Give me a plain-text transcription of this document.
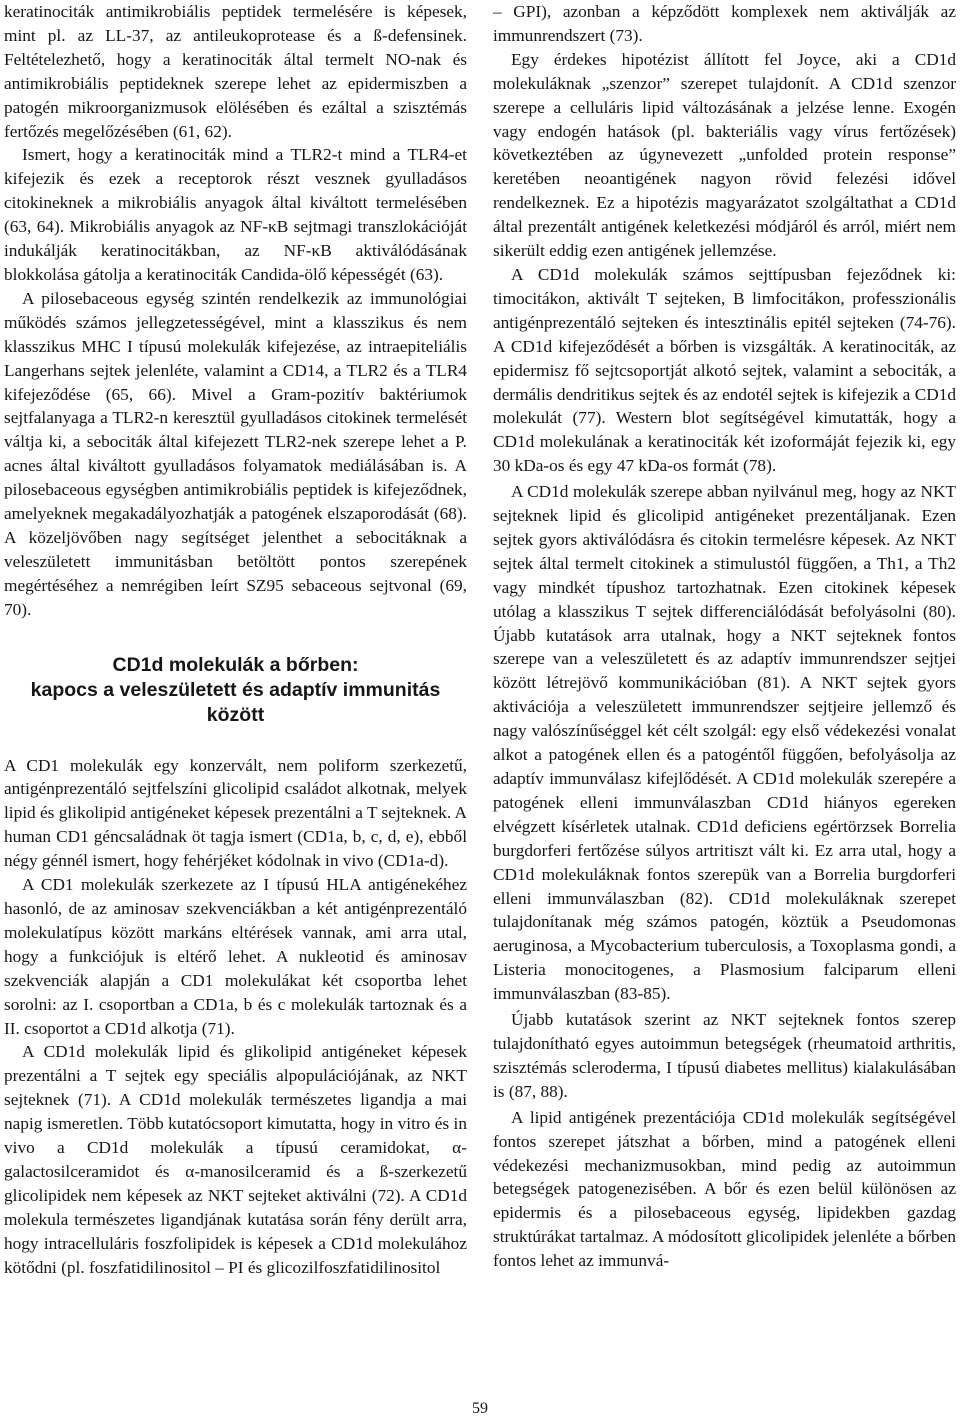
keratinociták antimikrobiális peptidek termelésére is képesek, mint pl. az LL-37, az antileukoprotease és a ß-defensinek. Feltételezhető, hogy a keratinociták által termelt NO-nak és antimikrobiális peptideknek szerepe lehet az epidermiszben a patogén mikroorganizmusok elölésében és ezáltal a szisztémás fertőzés megelőzésében (61, 62).

Ismert, hogy a keratinociták mind a TLR2-t mind a TLR4-et kifejezik és ezek a receptorok részt vesznek gyulladásos citokineknek a mikrobiális anyagok által kiváltott termelésében (63, 64). Mikrobiális anyagok az NF-κB sejtmagi transzlokációját indukálják keratinocitákban, az NF-κB aktiválódásának blokkolása gátolja a keratinociták Candida-ölő képességét (63).

A pilosebaceous egység szintén rendelkezik az immunológiai működés számos jellegzetességével, mint a klasszikus és nem klasszikus MHC I típusú molekulák kifejezése, az intraepiteliális Langerhans sejtek jelenléte, valamint a CD14, a TLR2 és a TLR4 kifejeződése (65, 66). Mivel a Gram-pozitív baktériumok sejtfalanyaga a TLR2-n keresztül gyulladásos citokinek termelését váltja ki, a sebociták által kifejezett TLR2-nek szerepe lehet a P. acnes által kiváltott gyulladásos folyamatok mediálásában is. A pilosebaceous egységben antimikrobiális peptidek is kifejeződnek, amelyeknek megakadályozhatják a patogének elszaporodását (68). A közeljövőben nagy segítséget jelenthet a sebocitáknak a veleszületett immunitásban betöltött pontos szerepének megértéséhez a nemrégiben leírt SZ95 sebaceous sejtvonal (69, 70).

CD1d molekulák a bőrben:
kapocs a veleszületett és adaptív immunitás
között

A CD1 molekulák egy konzervált, nem poliform szerkezetű, antigénprezentáló sejtfelszíni glicolipid családot alkotnak, melyek lipid és glikolipid antigéneket képesek prezentálni a T sejteknek. A human CD1 géncsaládnak öt tagja ismert (CD1a, b, c, d, e), ebből négy génnél ismert, hogy fehérjéket kódolnak in vivo (CD1a-d).

A CD1 molekulák szerkezete az I típusú HLA antigénekéhez hasonló, de az aminosav szekvenciákban a két antigénprezentáló molekulatípus között markáns eltérések vannak, ami arra utal, hogy a funkciójuk is eltérő lehet. A nukleotid és aminosav szekvenciák alapján a CD1 molekulákat két csoportba lehet sorolni: az I. csoportban a CD1a, b és c molekulák tartoznak és a II. csoportot a CD1d alkotja (71).

A CD1d molekulák lipid és glikolipid antigéneket képesek prezentálni a T sejtek egy speciális alpopulációjának, az NKT sejteknek (71). A CD1d molekulák természetes ligandja a mai napig ismeretlen. Több kutatócsoport kimutatta, hogy in vitro és in vivo a CD1d molekulák a típusú ceramidokat, α-galactosilceramidot és α-manosilceramid és a ß-szerkezetű glicolipidek nem képesek az NKT sejteket aktiválni (72). A CD1d molekula természetes ligandjának kutatása során fény derült arra, hogy intracelluláris foszfolipidek is képesek a CD1d molekulához kötődni (pl. foszfatidilinositol – PI és glicozilfoszfatidilinositol

– GPI), azonban a képződött komplexek nem aktiválják az immunrendszert (73).

Egy érdekes hipotézist állított fel Joyce, aki a CD1d molekuláknak „szenzor” szerepet tulajdonít. A CD1d szenzor szerepe a celluláris lipid változásának a jelzése lenne. Exogén vagy endogén hatások (pl. bakteriális vagy vírus fertőzések) következtében az úgynevezett „unfolded protein response” keretében neoantigének nagyon rövid felezési idővel rendelkeznek. Ez a hipotézis magyarázatot szolgáltathat a CD1d által prezentált antigének keletkezési módjáról és arról, miért nem sikerült eddig ezen antigének jellemzése.

A CD1d molekulák számos sejttípusban fejeződnek ki: timocitákon, aktivált T sejteken, B limfocitákon, professzionális antigénprezentáló sejteken és intesztinális epitél sejteken (74-76). A CD1d kifejeződését a bőrben is vizsgálták. A keratinociták, az epidermisz fő sejtcsoportját alkotó sejtek, valamint a sebociták, a dermális dendritikus sejtek és az endotél sejtek is kifejezik a CD1d molekulát (77). Western blot segítségével kimutatták, hogy a CD1d molekulának a keratinociták két izoformáját fejezik ki, egy 30 kDa-os és egy 47 kDa-os formát (78).

A CD1d molekulák szerepe abban nyilvánul meg, hogy az NKT sejteknek lipid és glicolipid antigéneket prezentáljanak. Ezen sejtek gyors aktiválódásra és citokin termelésre képesek. Az NKT sejtek által termelt citokinek a stimulustól függően, a Th1, a Th2 vagy mindkét típushoz tartozhatnak. Ezen citokinek képesek utólag a klasszikus T sejtek differenciálódását befolyásolni (80). Újabb kutatások arra utalnak, hogy a NKT sejteknek fontos szerepe van a veleszületett és az adaptív immunrendszer sejtjei között létrejövő kommunikációban (81). A NKT sejtek gyors aktivációja a veleszületett immunrendszer sejtjeire jellemző és nagy valószínűséggel két célt szolgál: egy első védekezési vonalat alkot a patogének ellen és a patogéntől függően, befolyásolja az adaptív immunválasz kifejlődését. A CD1d molekulák szerepére a patogének elleni immunválaszban CD1d hiányos egereken elvégzett kísérletek utalnak. CD1d deficiens egértörzsek Borrelia burgdorferi fertőzése súlyos artritiszt vált ki. Ez arra utal, hogy a CD1d molekuláknak fontos szerepük van a Borrelia burgdorferi elleni immunválaszban (82). CD1d molekuláknak szerepet tulajdonítanak még számos patogén, köztük a Pseudomonas aeruginosa, a Mycobacterium tuberculosis, a Toxoplasma gondi, a Listeria monocitogenes, a Plasmosium falciparum elleni immunválaszban (83-85).

Újabb kutatások szerint az NKT sejteknek fontos szerep tulajdonítható egyes autoimmun betegségek (rheumatoid arthritis, szisztémás scleroderma, I típusú diabetes mellitus) kialakulásában is (87, 88).

A lipid antigének prezentációja CD1d molekulák segítségével fontos szerepet játszhat a bőrben, mind a patogének elleni védekezési mechanizmusokban, mind pedig az autoimmun betegségek patogenezisében. A bőr és ezen belül különösen az epidermis és a pilosebaceous egység, lipidekben gazdag struktúrákat tartalmaz. A módosított glicolipidek jelenléte a bőrben fontos lehet az immunvá-

59
